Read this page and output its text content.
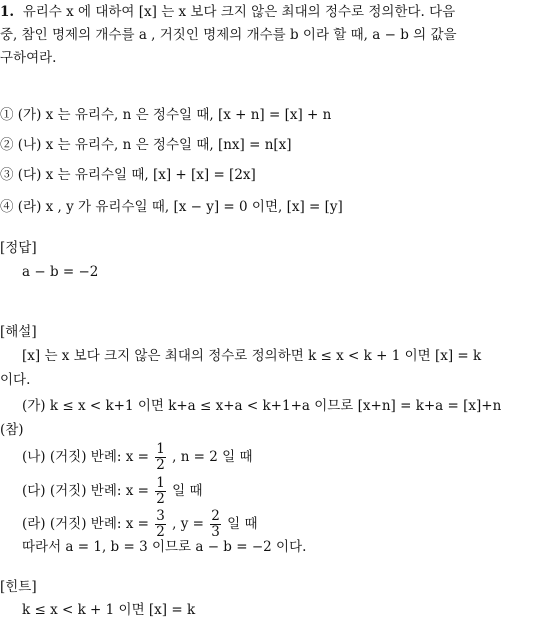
1. 유리수 x 에 대하여 [x] 는 x 보다 크지 않은 최대의 정수로 정의한다. 다음
중, 참인 명제의 개수를 a , 거짓인 명제의 개수를 b 이라 할 때, a − b 의 값을
구하여라.
① (가) x 는 유리수, n 은 정수일 때, [x + n] = [x] + n
② (나) x 는 유리수, n 은 정수일 때, [nx] = n[x]
③ (다) x 는 유리수일 때, [x] + [x] = [2x]
④ (라) x , y 가 유리수일 때, [x − y] = 0 이면, [x] = [y]
[정답]
a − b = −2
[해설]
[x] 는 x 보다 크지 않은 최대의 정수로 정의하면 k ≤ x < k + 1 이면 [x] = k
이다.
(가) k ≤ x < k+1 이면 k+a ≤ x+a < k+1+a 이므로 [x+n] = k+a = [x]+n
(참)
(나) (거짓) 반례: $x = \frac{1}{2}$ , n = 2 일 때
(다) (거짓) 반례: $x = \frac{1}{2}$ 일 때
(라) (거짓) 반례: $x = \frac{3}{2}$ , $y = \frac{2}{3}$ 일 때
따라서 a = 1, b = 3 이므로 a − b = −2 이다.
[힌트]
k ≤ x < k + 1 이면 [x] = k
